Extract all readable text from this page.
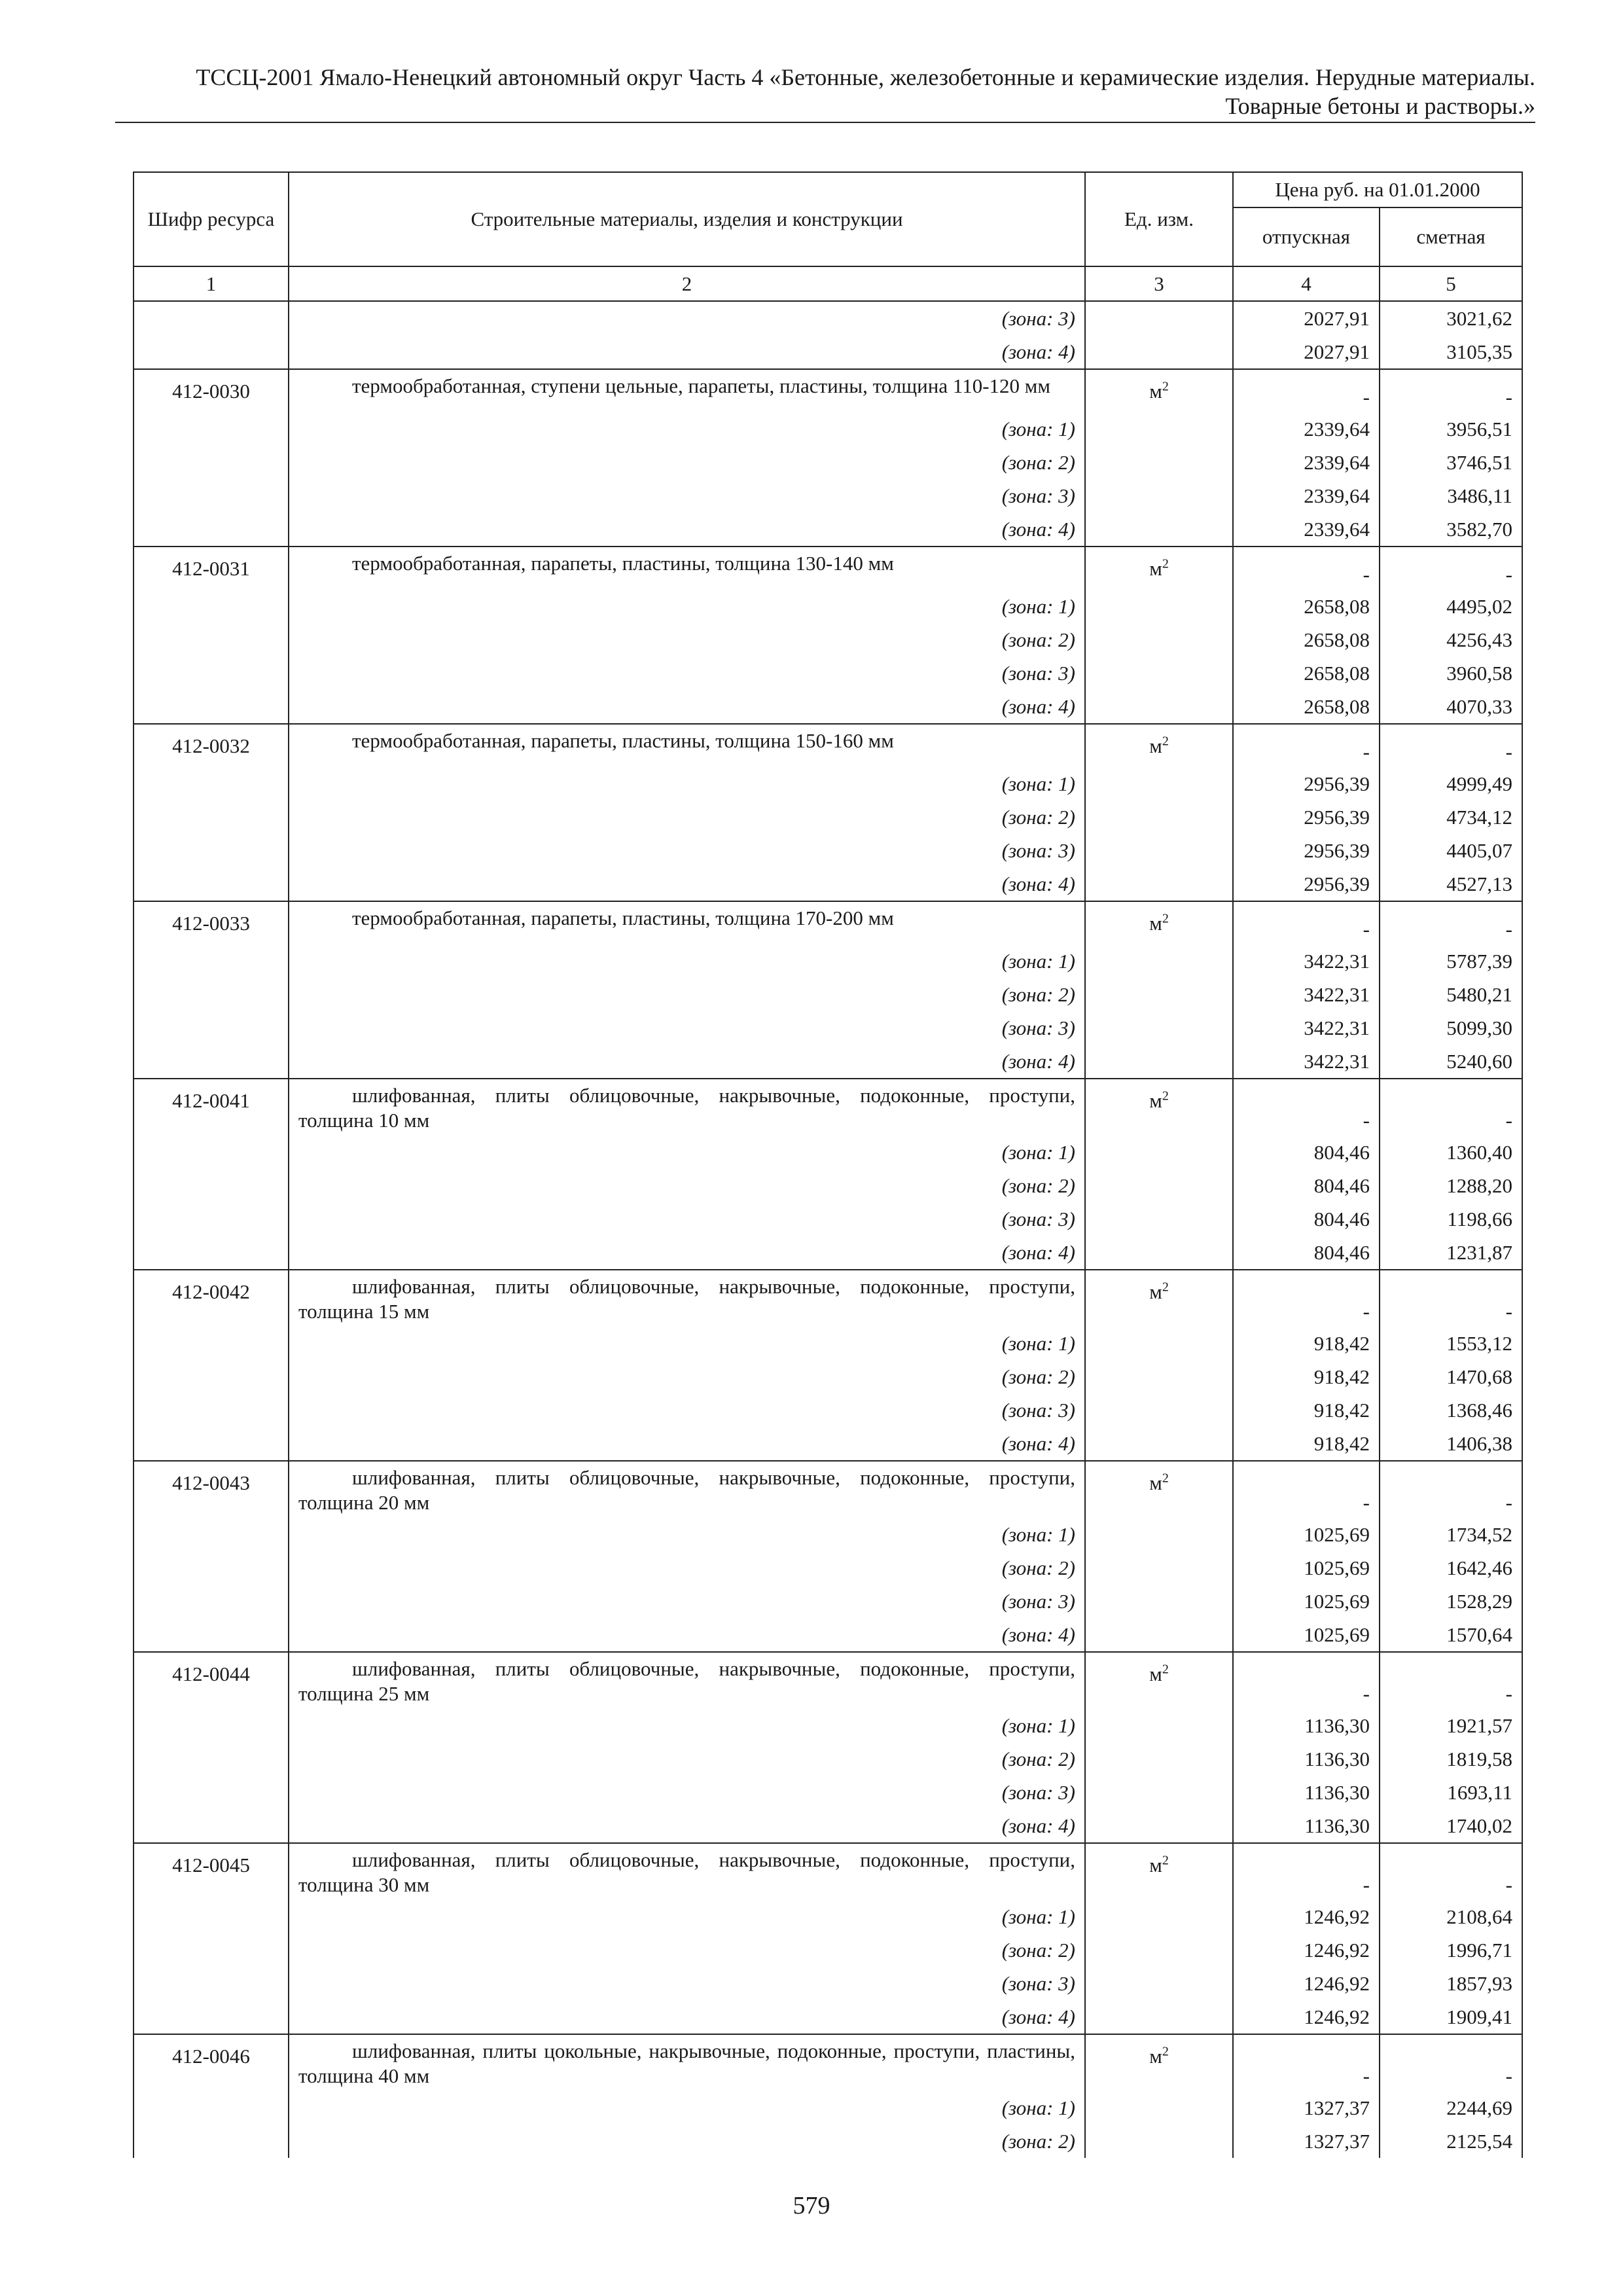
ТССЦ-2001 Ямало-Ненецкий автономный округ Часть 4 «Бетонные, железобетонные и керамические изделия. Нерудные материалы.
Товарные бетоны и растворы.»
Шифр ресурса	Строительные материалы, изделия и конструкции	Ед. изм.	Цена руб. на 01.01.2000	
			отпускная	сметная
1	2	3	4	5
	(зона: 3)		2027,91	3021,62
	(зона: 4)		2027,91	3105,35
412-0030	термообработанная, ступени цельные, парапеты, пластины, толщина 110-120 мм	$м^2$	-	-
	(зона: 1)		2339,64	3956,51
	(зона: 2)		2339,64	3746,51
	(зона: 3)		2339,64	3486,11
	(зона: 4)		2339,64	3582,70
412-0031	термообработанная, парапеты, пластины, толщина 130-140 мм	$м^2$	-	-
	(зона: 1)		2658,08	4495,02
	(зона: 2)		2658,08	4256,43
	(зона: 3)		2658,08	3960,58
	(зона: 4)		2658,08	4070,33
412-0032	термообработанная, парапеты, пластины, толщина 150-160 мм	$м^2$	-	-
	(зона: 1)		2956,39	4999,49
	(зона: 2)		2956,39	4734,12
	(зона: 3)		2956,39	4405,07
	(зона: 4)		2956,39	4527,13
412-0033	термообработанная, парапеты, пластины, толщина 170-200 мм	$м^2$	-	-
	(зона: 1)		3422,31	5787,39
	(зона: 2)		3422,31	5480,21
	(зона: 3)		3422,31	5099,30
	(зона: 4)		3422,31	5240,60
412-0041	шлифованная, плиты облицовочные, накрывочные, подоконные, проступи, толщина 10 мм	$м^2$	-	-
	(зона: 1)		804,46	1360,40
	(зона: 2)		804,46	1288,20
	(зона: 3)		804,46	1198,66
	(зона: 4)		804,46	1231,87
412-0042	шлифованная, плиты облицовочные, накрывочные, подоконные, проступи, толщина 15 мм	$м^2$	-	-
	(зона: 1)		918,42	1553,12
	(зона: 2)		918,42	1470,68
	(зона: 3)		918,42	1368,46
	(зона: 4)		918,42	1406,38
412-0043	шлифованная, плиты облицовочные, накрывочные, подоконные, проступи, толщина 20 мм	$м^2$	-	-
	(зона: 1)		1025,69	1734,52
	(зона: 2)		1025,69	1642,46
	(зона: 3)		1025,69	1528,29
	(зона: 4)		1025,69	1570,64
412-0044	шлифованная, плиты облицовочные, накрывочные, подоконные, проступи, толщина 25 мм	$м^2$	-	-
	(зона: 1)		1136,30	1921,57
	(зона: 2)		1136,30	1819,58
	(зона: 3)		1136,30	1693,11
	(зона: 4)		1136,30	1740,02
412-0045	шлифованная, плиты облицовочные, накрывочные, подоконные, проступи, толщина 30 мм	$м^2$	-	-
	(зона: 1)		1246,92	2108,64
	(зона: 2)		1246,92	1996,71
	(зона: 3)		1246,92	1857,93
	(зона: 4)		1246,92	1909,41
412-0046	шлифованная, плиты цокольные, накрывочные, подоконные, проступи, пластины, толщина 40 мм	$м^2$	-	-
	(зона: 1)		1327,37	2244,69
	(зона: 2)		1327,37	2125,54
579
